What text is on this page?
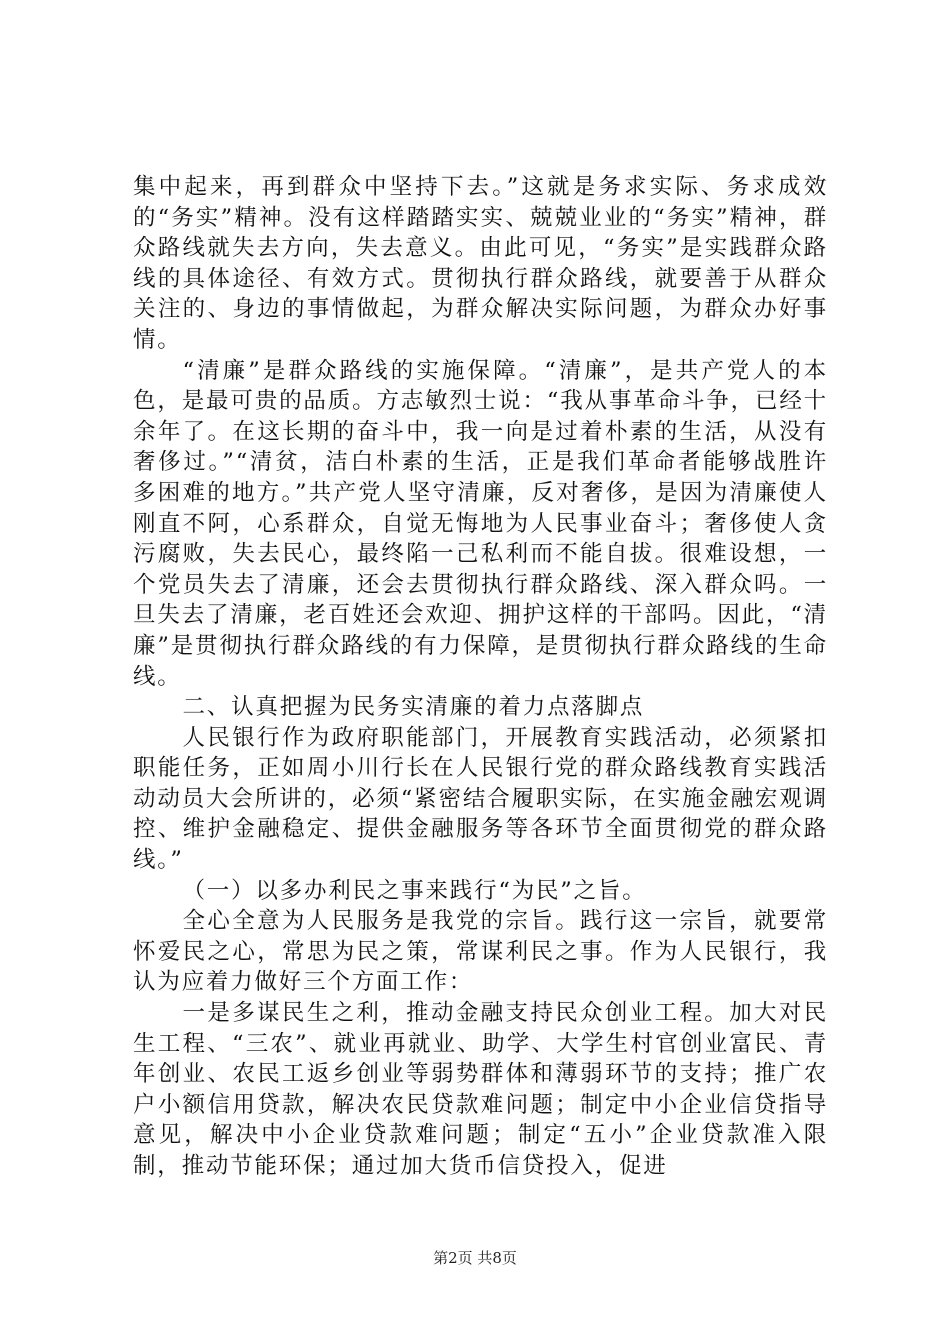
集中起来，再到群众中坚持下去。”这就是务求实际、务求成效的“务实”精神。没有这样踏踏实实、兢兢业业的“务实”精神，群众路线就失去方向，失去意义。由此可见，“务实”是实践群众路线的具体途径、有效方式。贯彻执行群众路线，就要善于从群众关注的、身边的事情做起，为群众解决实际问题，为群众办好事情。

“清廉”是群众路线的实施保障。“清廉”，是共产党人的本色，是最可贵的品质。方志敏烈士说：“我从事革命斗争，已经十余年了。在这长期的奋斗中，我一向是过着朴素的生活，从没有奢侈过。”“清贫，洁白朴素的生活，正是我们革命者能够战胜许多困难的地方。”共产党人坚守清廉，反对奢侈，是因为清廉使人刚直不阿，心系群众，自觉无悔地为人民事业奋斗；奢侈使人贪污腐败，失去民心，最终陷一己私利而不能自拔。很难设想，一个党员失去了清廉，还会去贯彻执行群众路线、深入群众吗。一旦失去了清廉，老百姓还会欢迎、拥护这样的干部吗。因此，“清廉”是贯彻执行群众路线的有力保障，是贯彻执行群众路线的生命线。

二、认真把握为民务实清廉的着力点落脚点

人民银行作为政府职能部门，开展教育实践活动，必须紧扣职能任务，正如周小川行长在人民银行党的群众路线教育实践活动动员大会所讲的，必须“紧密结合履职实际，在实施金融宏观调控、维护金融稳定、提供金融服务等各环节全面贯彻党的群众路线。”

（一）以多办利民之事来践行“为民”之旨。

全心全意为人民服务是我党的宗旨。践行这一宗旨，就要常怀爱民之心，常思为民之策，常谋利民之事。作为人民银行，我认为应着力做好三个方面工作：

一是多谋民生之利，推动金融支持民众创业工程。加大对民生工程、“三农”、就业再就业、助学、大学生村官创业富民、青年创业、农民工返乡创业等弱势群体和薄弱环节的支持；推广农户小额信用贷款，解决农民贷款难问题；制定中小企业信贷指导意见，解决中小企业贷款难问题；制定“五小”企业贷款准入限制，推动节能环保；通过加大货币信贷投入，促进

第2页 共8页
